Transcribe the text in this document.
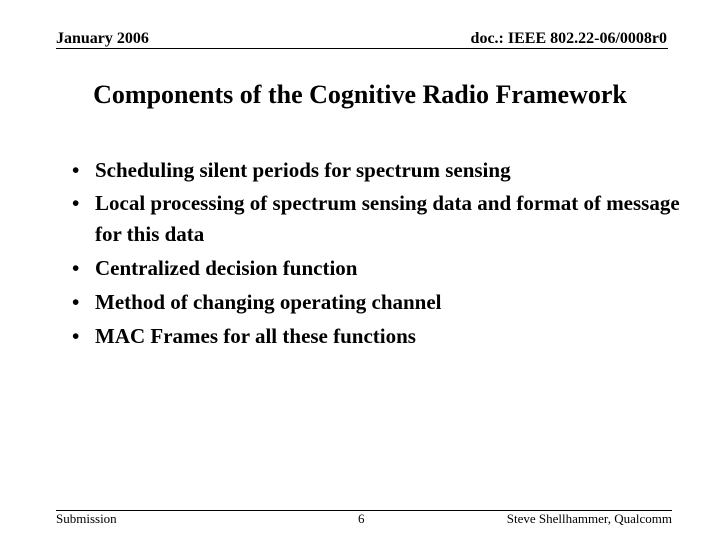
January 2006	doc.: IEEE 802.22-06/0008r0
Components of the Cognitive Radio Framework
• Scheduling silent periods for spectrum sensing
• Local processing of spectrum sensing data and format of message for this data
• Centralized decision function
• Method of changing operating channel
• MAC Frames for all these functions
Submission	6	Steve Shellhammer, Qualcomm
